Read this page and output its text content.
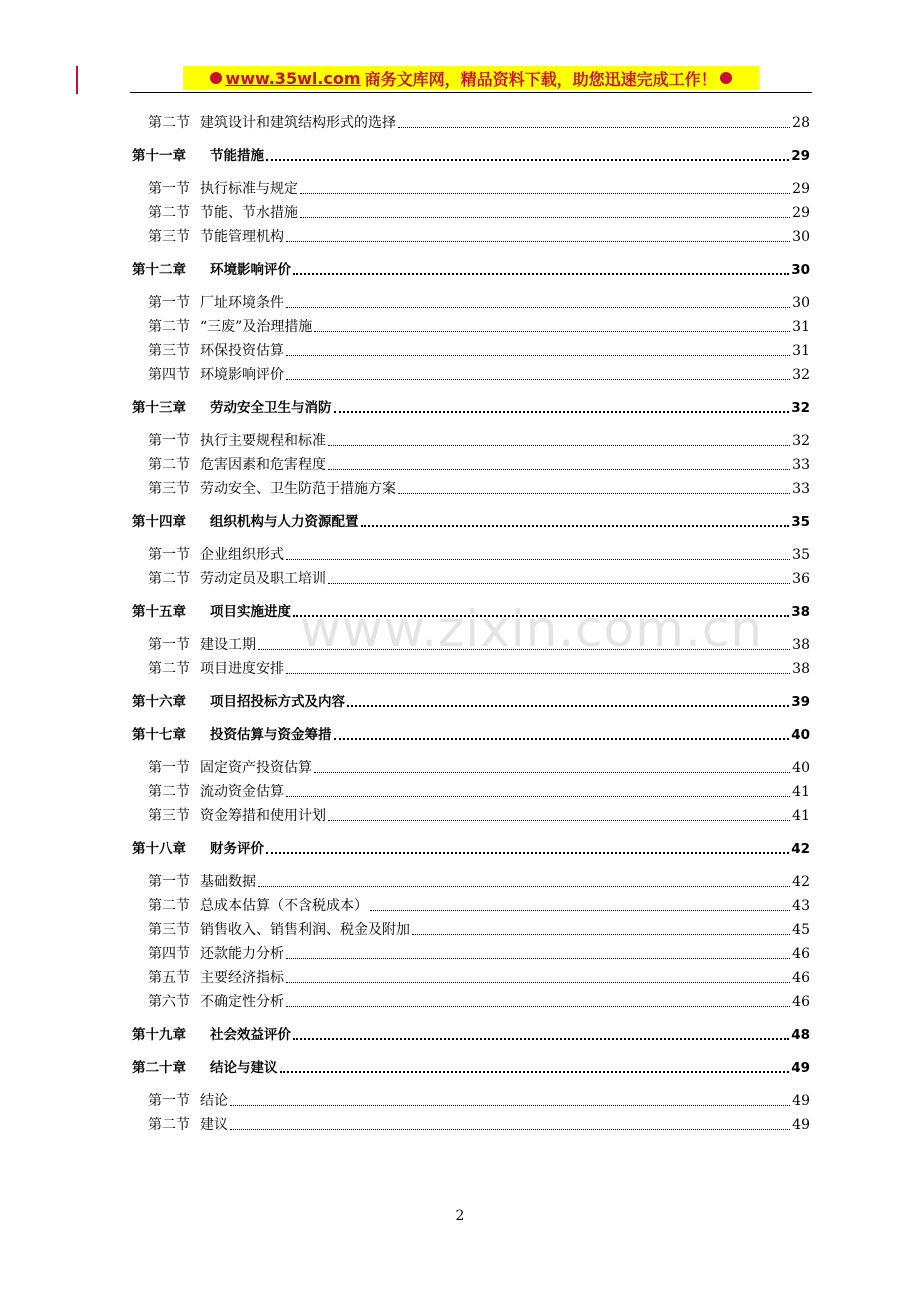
www.35wl.com 商务文库网，精品资料下载，助您迅速完成工作！
www.zixin.com.cn
第二节 建筑设计和建筑结构形式的选择	28
第十一章 节能措施	29
第一节 执行标准与规定	29
第二节 节能、节水措施	29
第三节 节能管理机构	30
第十二章 环境影响评价	30
第一节 厂址环境条件	30
第二节 “三废”及治理措施	31
第三节 环保投资估算	31
第四节 环境影响评价	32
第十三章 劳动安全卫生与消防	32
第一节 执行主要规程和标准	32
第二节 危害因素和危害程度	33
第三节 劳动安全、卫生防范于措施方案	33
第十四章 组织机构与人力资源配置	35
第一节 企业组织形式	35
第二节 劳动定员及职工培训	36
第十五章 项目实施进度	38
第一节 建设工期	38
第二节 项目进度安排	38
第十六章 项目招投标方式及内容	39
第十七章 投资估算与资金筹措	40
第一节 固定资产投资估算	40
第二节 流动资金估算	41
第三节 资金筹措和使用计划	41
第十八章 财务评价	42
第一节 基础数据	42
第二节 总成本估算（不含税成本）	43
第三节 销售收入、销售利润、税金及附加	45
第四节 还款能力分析	46
第五节 主要经济指标	46
第六节 不确定性分析	46
第十九章 社会效益评价	48
第二十章 结论与建议	49
第一节 结论	49
第二节 建议	49
2
